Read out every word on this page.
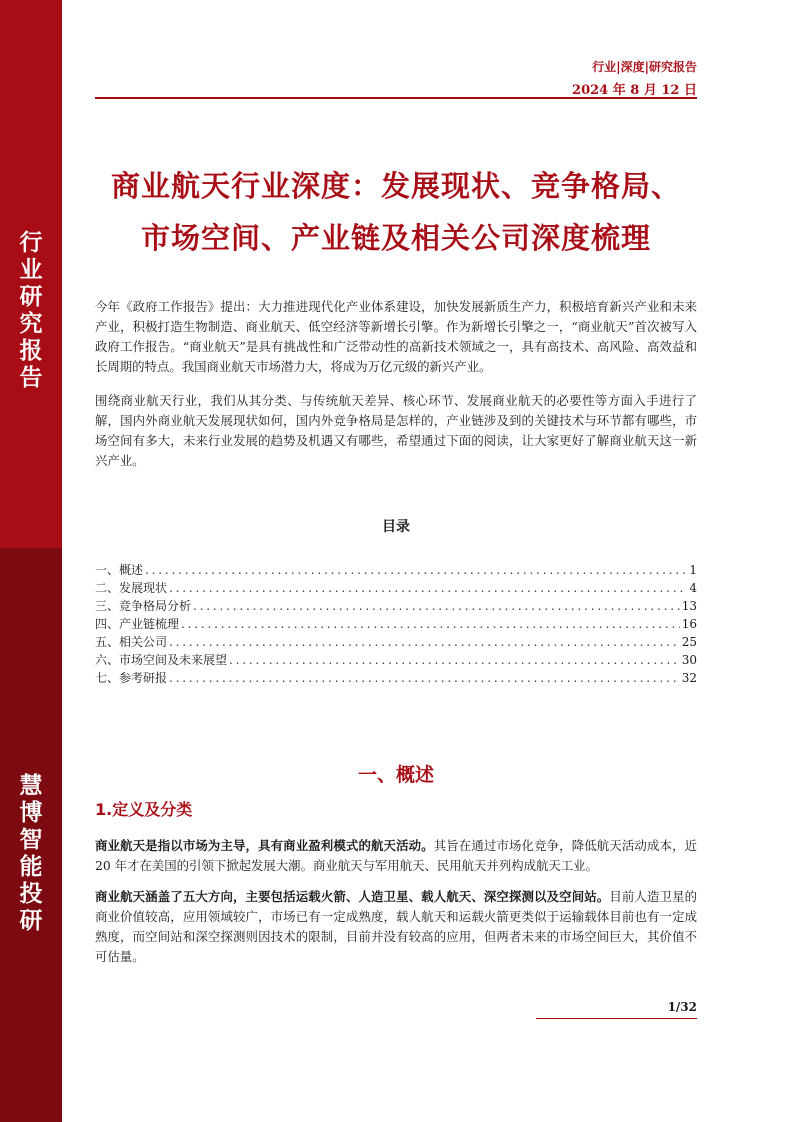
行业研究报告
慧博智能投研
行业|深度|研究报告
2024 年 8 月 12 日
商业航天行业深度：发展现状、竞争格局、
市场空间、产业链及相关公司深度梳理
今年《政府工作报告》提出：大力推进现代化产业体系建设，加快发展新质生产力，积极培育新兴产业和未来产业，积极打造生物制造、商业航天、低空经济等新增长引擎。作为新增长引擎之一，“商业航天”首次被写入政府工作报告。“商业航天”是具有挑战性和广泛带动性的高新技术领域之一，具有高技术、高风险、高效益和长周期的特点。我国商业航天市场潜力大，将成为万亿元级的新兴产业。
围绕商业航天行业，我们从其分类、与传统航天差异、核心环节、发展商业航天的必要性等方面入手进行了解，国内外商业航天发展现状如何，国内外竞争格局是怎样的，产业链涉及到的关键技术与环节都有哪些，市场空间有多大，未来行业发展的趋势及机遇又有哪些，希望通过下面的阅读，让大家更好了解商业航天这一新兴产业。
目录
一、概述 . . .	1
二、发展现状 . . .	4
三、竞争格局分析 . . .	13
四、产业链梳理 . . .	16
五、相关公司 . . .	25
六、市场空间及未来展望 . . .	30
七、参考研报 . . .	32
一、概述
1.定义及分类
商业航天是指以市场为主导，具有商业盈利模式的航天活动。其旨在通过市场化竞争，降低航天活动成本，近 20 年才在美国的引领下掀起发展大潮。商业航天与军用航天、民用航天并列构成航天工业。
商业航天涵盖了五大方向，主要包括运载火箭、人造卫星、载人航天、深空探测以及空间站。目前人造卫星的商业价值较高，应用领域较广，市场已有一定成熟度，载人航天和运载火箭更类似于运输载体目前也有一定成熟度，而空间站和深空探测则因技术的限制，目前并没有较高的应用，但两者未来的市场空间巨大，其价值不可估量。
1/32
